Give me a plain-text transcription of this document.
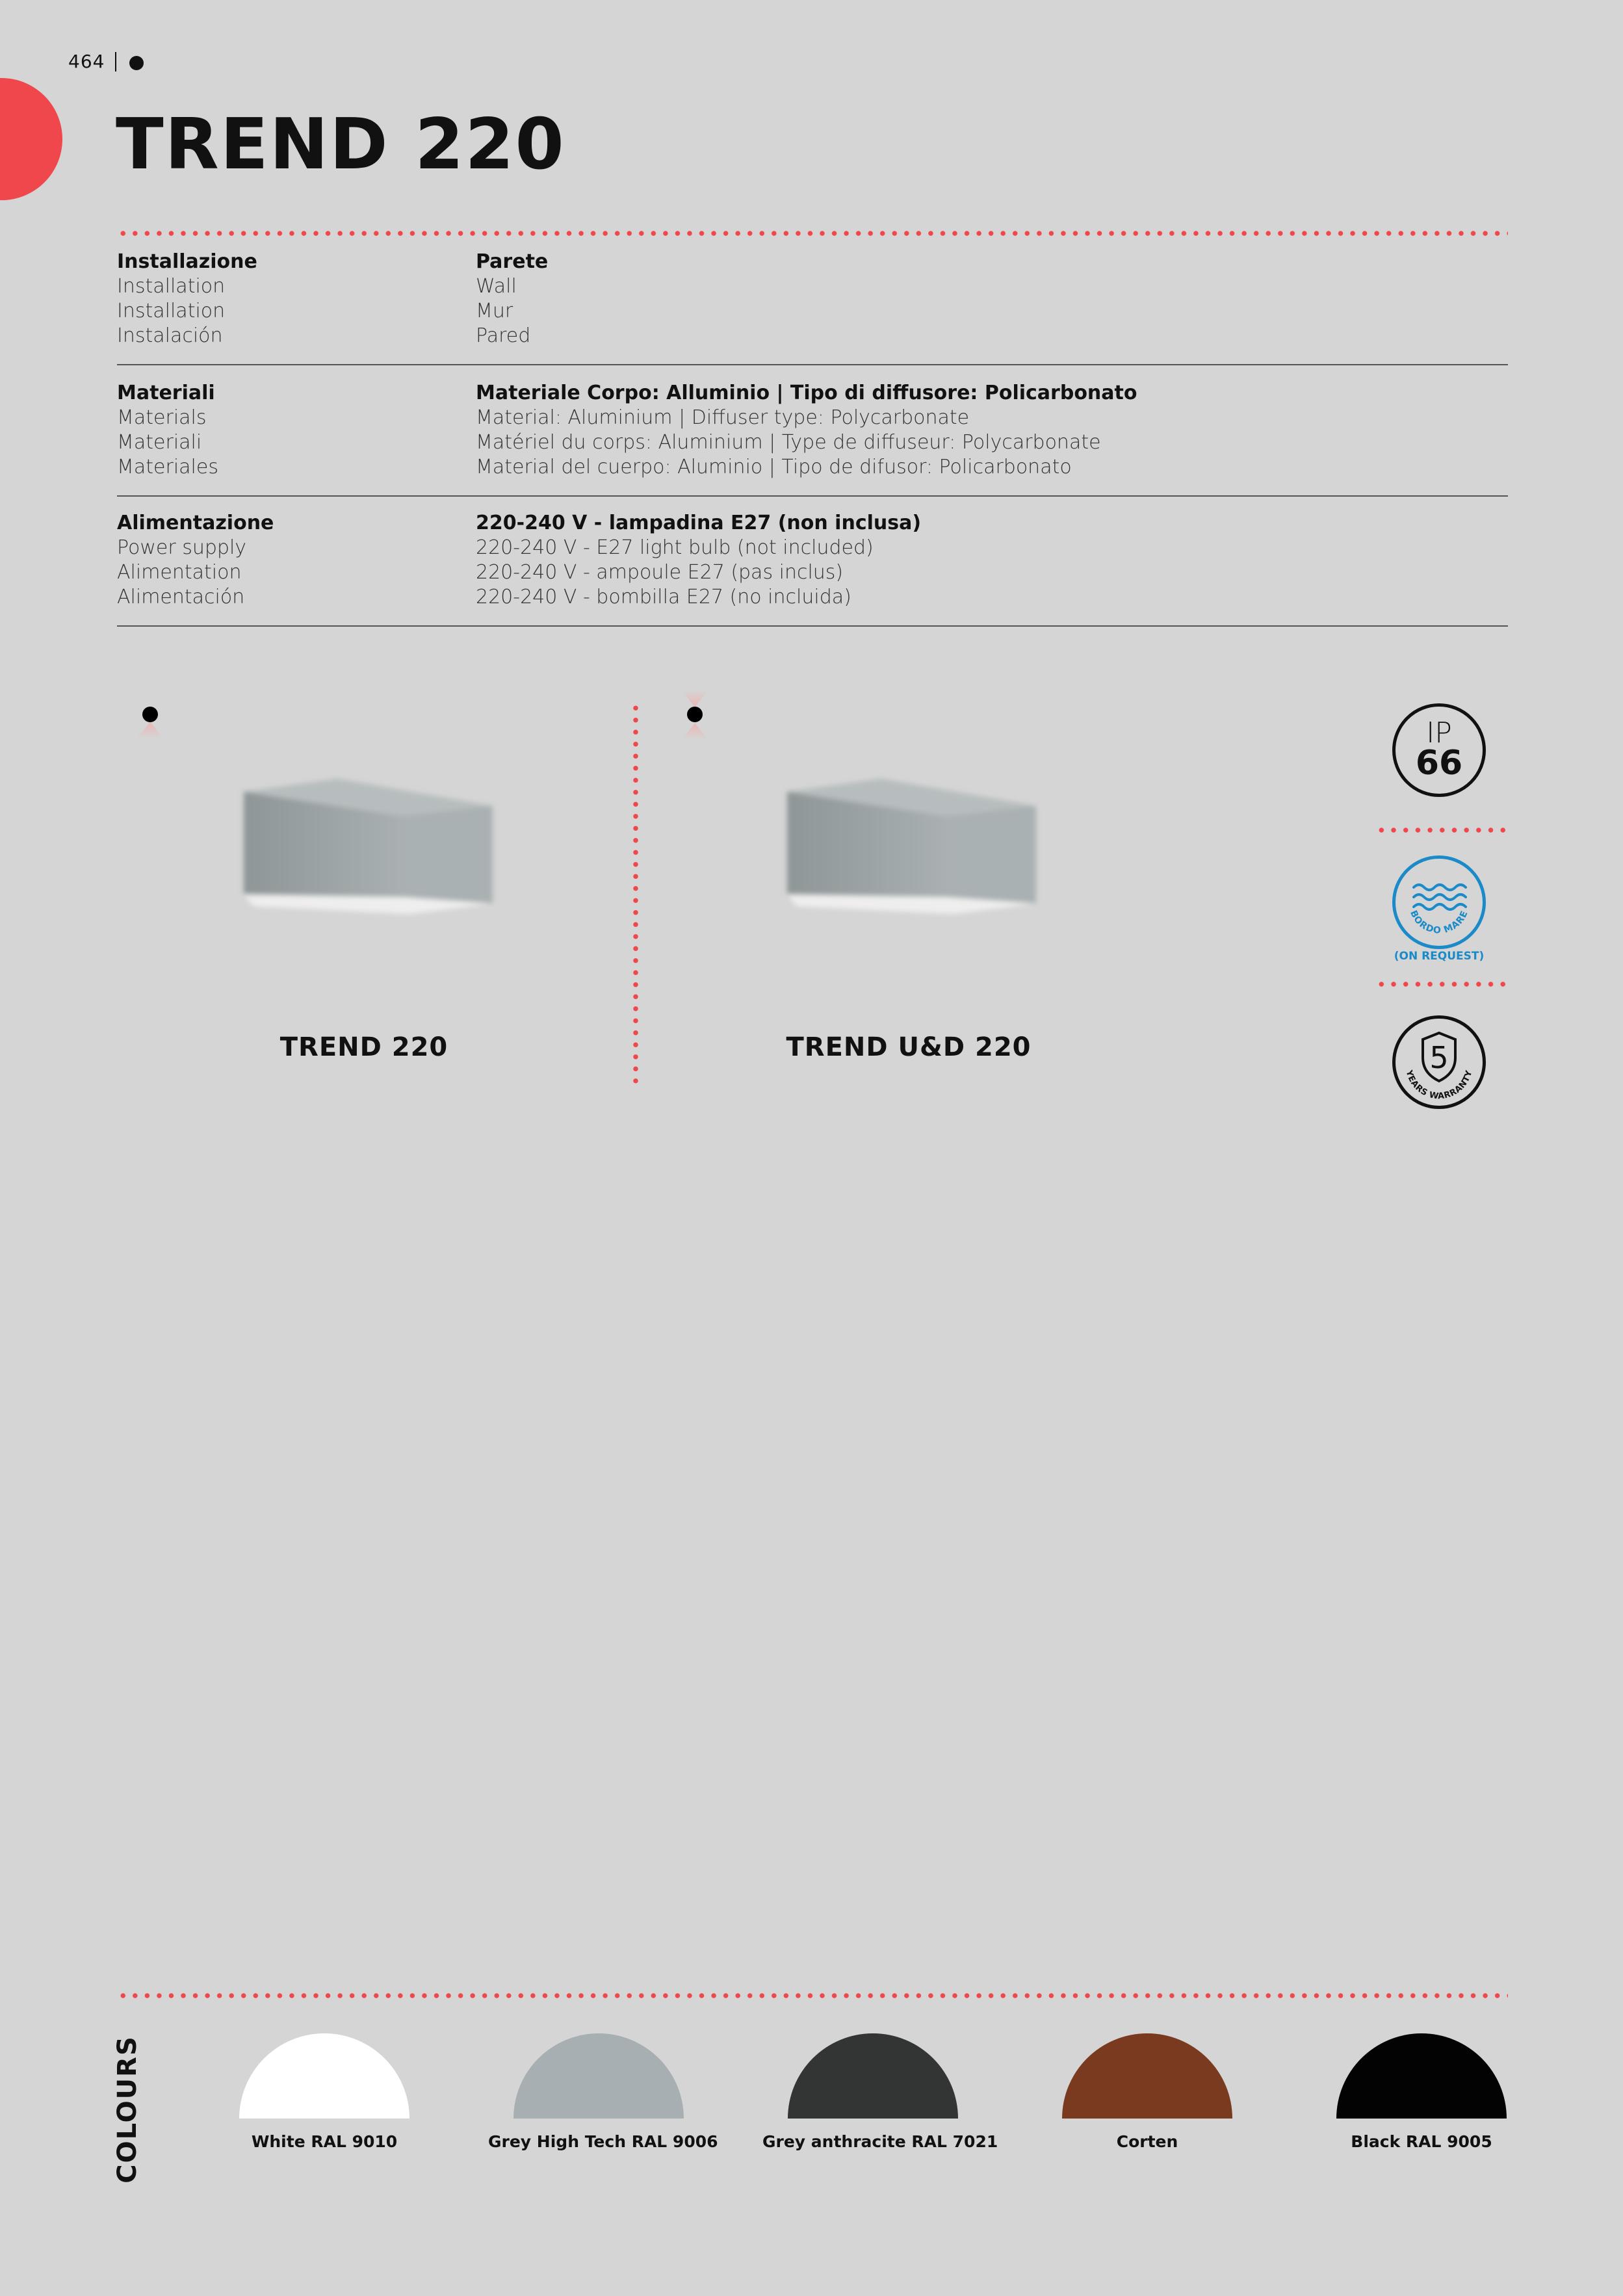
464
TREND 220
Installazione	Parete
Installation	Wall
Installation	Mur
Instalación	Pared
Materiali	Materiale Corpo: Alluminio | Tipo di diffusore: Policarbonato
Materials	Material: Aluminium | Diffuser type: Polycarbonate
Materiali	Matériel du corps: Aluminium | Type de diffuseur: Polycarbonate
Materiales	Material del cuerpo: Aluminio | Tipo de difusor: Policarbonato
Alimentazione	220-240 V - lampadina E27 (non inclusa)
Power supply	220-240 V - E27 light bulb (not included)
Alimentation	220-240 V - ampoule E27 (pas inclus)
Alimentación	220-240 V - bombilla E27 (no incluida)
TREND 220	TREND U&D 220
IP
66
BORDO MARE
(ON REQUEST)
5
YEARS WARRANTY
COLOURS	White RAL 9010	Grey High Tech RAL 9006	Grey anthracite RAL 7021	Corten	Black RAL 9005
